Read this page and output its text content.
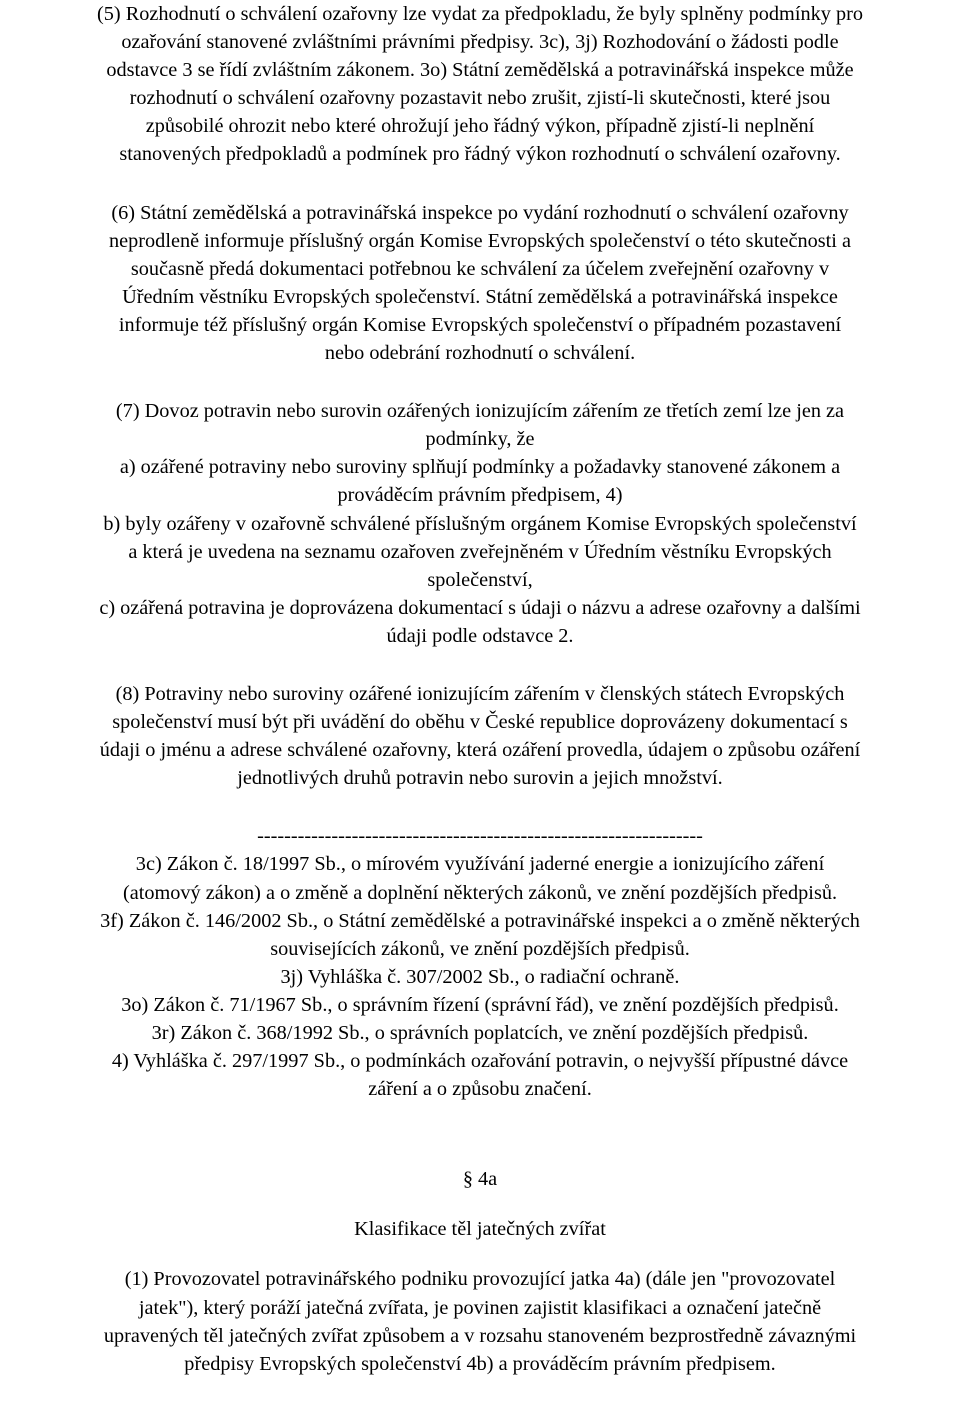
(5) Rozhodnutí o schválení ozařovny lze vydat za předpokladu, že byly splněny podmínky pro
ozařování stanovené zvláštními právními předpisy. 3c), 3j) Rozhodování o žádosti podle
odstavce 3 se řídí zvláštním zákonem. 3o) Státní zemědělská a potravinářská inspekce může
rozhodnutí o schválení ozařovny pozastavit nebo zrušit, zjistí-li skutečnosti, které jsou
způsobilé ohrozit nebo které ohrožují jeho řádný výkon, případně zjistí-li neplnění
stanovených předpokladů a podmínek pro řádný výkon rozhodnutí o schválení ozařovny.
(6) Státní zemědělská a potravinářská inspekce po vydání rozhodnutí o schválení ozařovny
neprodleně informuje příslušný orgán Komise Evropských společenství o této skutečnosti a
současně předá dokumentaci potřebnou ke schválení za účelem zveřejnění ozařovny v
Úředním věstníku Evropských společenství. Státní zemědělská a potravinářská inspekce
informuje též příslušný orgán Komise Evropských společenství o případném pozastavení
nebo odebrání rozhodnutí o schválení.
(7) Dovoz potravin nebo surovin ozářených ionizujícím zářením ze třetích zemí lze jen za
podmínky, že
a) ozářené potraviny nebo suroviny splňují podmínky a požadavky stanovené zákonem a
prováděcím právním předpisem, 4)
b) byly ozářeny v ozařovně schválené příslušným orgánem Komise Evropských společenství
a která je uvedena na seznamu ozařoven zveřejněném v Úředním věstníku Evropských
společenství,
c) ozářená potravina je doprovázena dokumentací s údaji o názvu a adrese ozařovny a dalšími
údaji podle odstavce 2.
(8) Potraviny nebo suroviny ozářené ionizujícím zářením v členských státech Evropských
společenství musí být při uvádění do oběhu v České republice doprovázeny dokumentací s
údaji o jménu a adrese schválené ozařovny, která ozáření provedla, údajem o způsobu ozáření
jednotlivých druhů potravin nebo surovin a jejich množství.
------------------------------------------------------------------
3c) Zákon č. 18/1997 Sb., o mírovém využívání jaderné energie a ionizujícího záření
(atomový zákon) a o změně a doplnění některých zákonů, ve znění pozdějších předpisů.
3f) Zákon č. 146/2002 Sb., o Státní zemědělské a potravinářské inspekci a o změně některých
souvisejících zákonů, ve znění pozdějších předpisů.
3j) Vyhláška č. 307/2002 Sb., o radiační ochraně.
3o) Zákon č. 71/1967 Sb., o správním řízení (správní řád), ve znění pozdějších předpisů.
3r) Zákon č. 368/1992 Sb., o správních poplatcích, ve znění pozdějších předpisů.
4) Vyhláška č. 297/1997 Sb., o podmínkách ozařování potravin, o nejvyšší přípustné dávce
záření a o způsobu značení.
§ 4a
Klasifikace těl jatečných zvířat
(1) Provozovatel potravinářského podniku provozující jatka 4a) (dále jen "provozovatel
jatek"), který poráží jatečná zvířata, je povinen zajistit klasifikaci a označení jatečně
upravených těl jatečných zvířat způsobem a v rozsahu stanoveném bezprostředně závaznými
předpisy Evropských společenství 4b) a prováděcím právním předpisem.
